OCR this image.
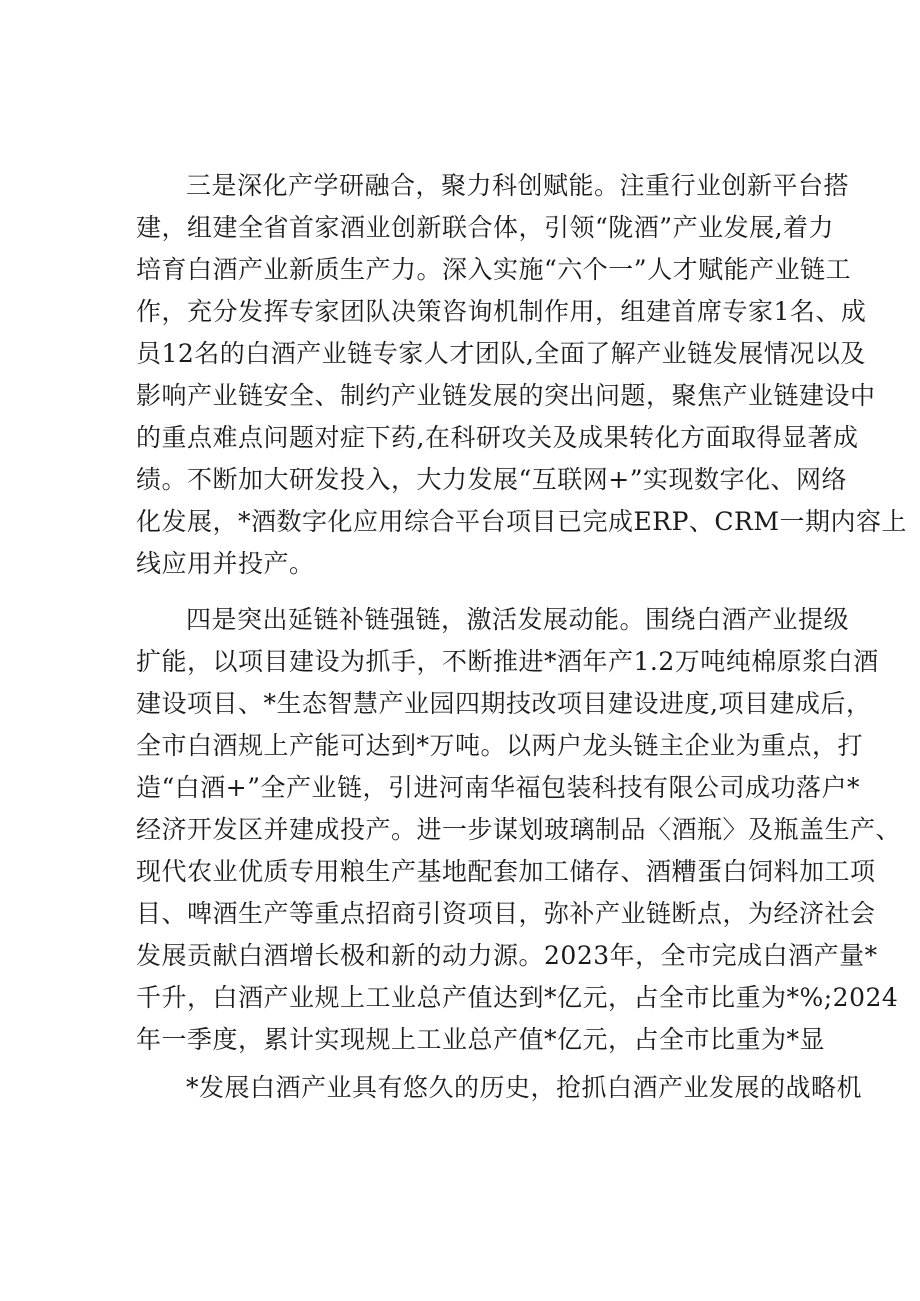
三是深化产学研融合，聚力科创赋能。注重行业创新平台搭
建，组建全省首家酒业创新联合体，引领“陇酒”产业发展,着力
培育白酒产业新质生产力。深入实施“六个一”人才赋能产业链工
作，充分发挥专家团队决策咨询机制作用，组建首席专家1名、成
员12名的白酒产业链专家人才团队,全面了解产业链发展情况以及
影响产业链安全、制约产业链发展的突出问题，聚焦产业链建设中
的重点难点问题对症下药,在科研攻关及成果转化方面取得显著成
绩。不断加大研发投入，大力发展“互联网+”实现数字化、网络
化发展，*酒数字化应用综合平台项目已完成ERP、CRM一期内容上
线应用并投产。
四是突出延链补链强链，激活发展动能。围绕白酒产业提级
扩能，以项目建设为抓手，不断推进*酒年产1.2万吨纯棉原浆白酒
建设项目、*生态智慧产业园四期技改项目建设进度,项目建成后，
全市白酒规上产能可达到*万吨。以两户龙头链主企业为重点，打
造“白酒+”全产业链，引进河南华福包装科技有限公司成功落户*
经济开发区并建成投产。进一步谋划玻璃制品〈酒瓶〉及瓶盖生产、
现代农业优质专用粮生产基地配套加工储存、酒糟蛋白饲料加工项
目、啤酒生产等重点招商引资项目，弥补产业链断点，为经济社会
发展贡献白酒增长极和新的动力源。2023年，全市完成白酒产量*
千升，白酒产业规上工业总产值达到*亿元，占全市比重为*%;2024
年一季度，累计实现规上工业总产值*亿元，占全市比重为*显
*发展白酒产业具有悠久的历史，抢抓白酒产业发展的战略机
